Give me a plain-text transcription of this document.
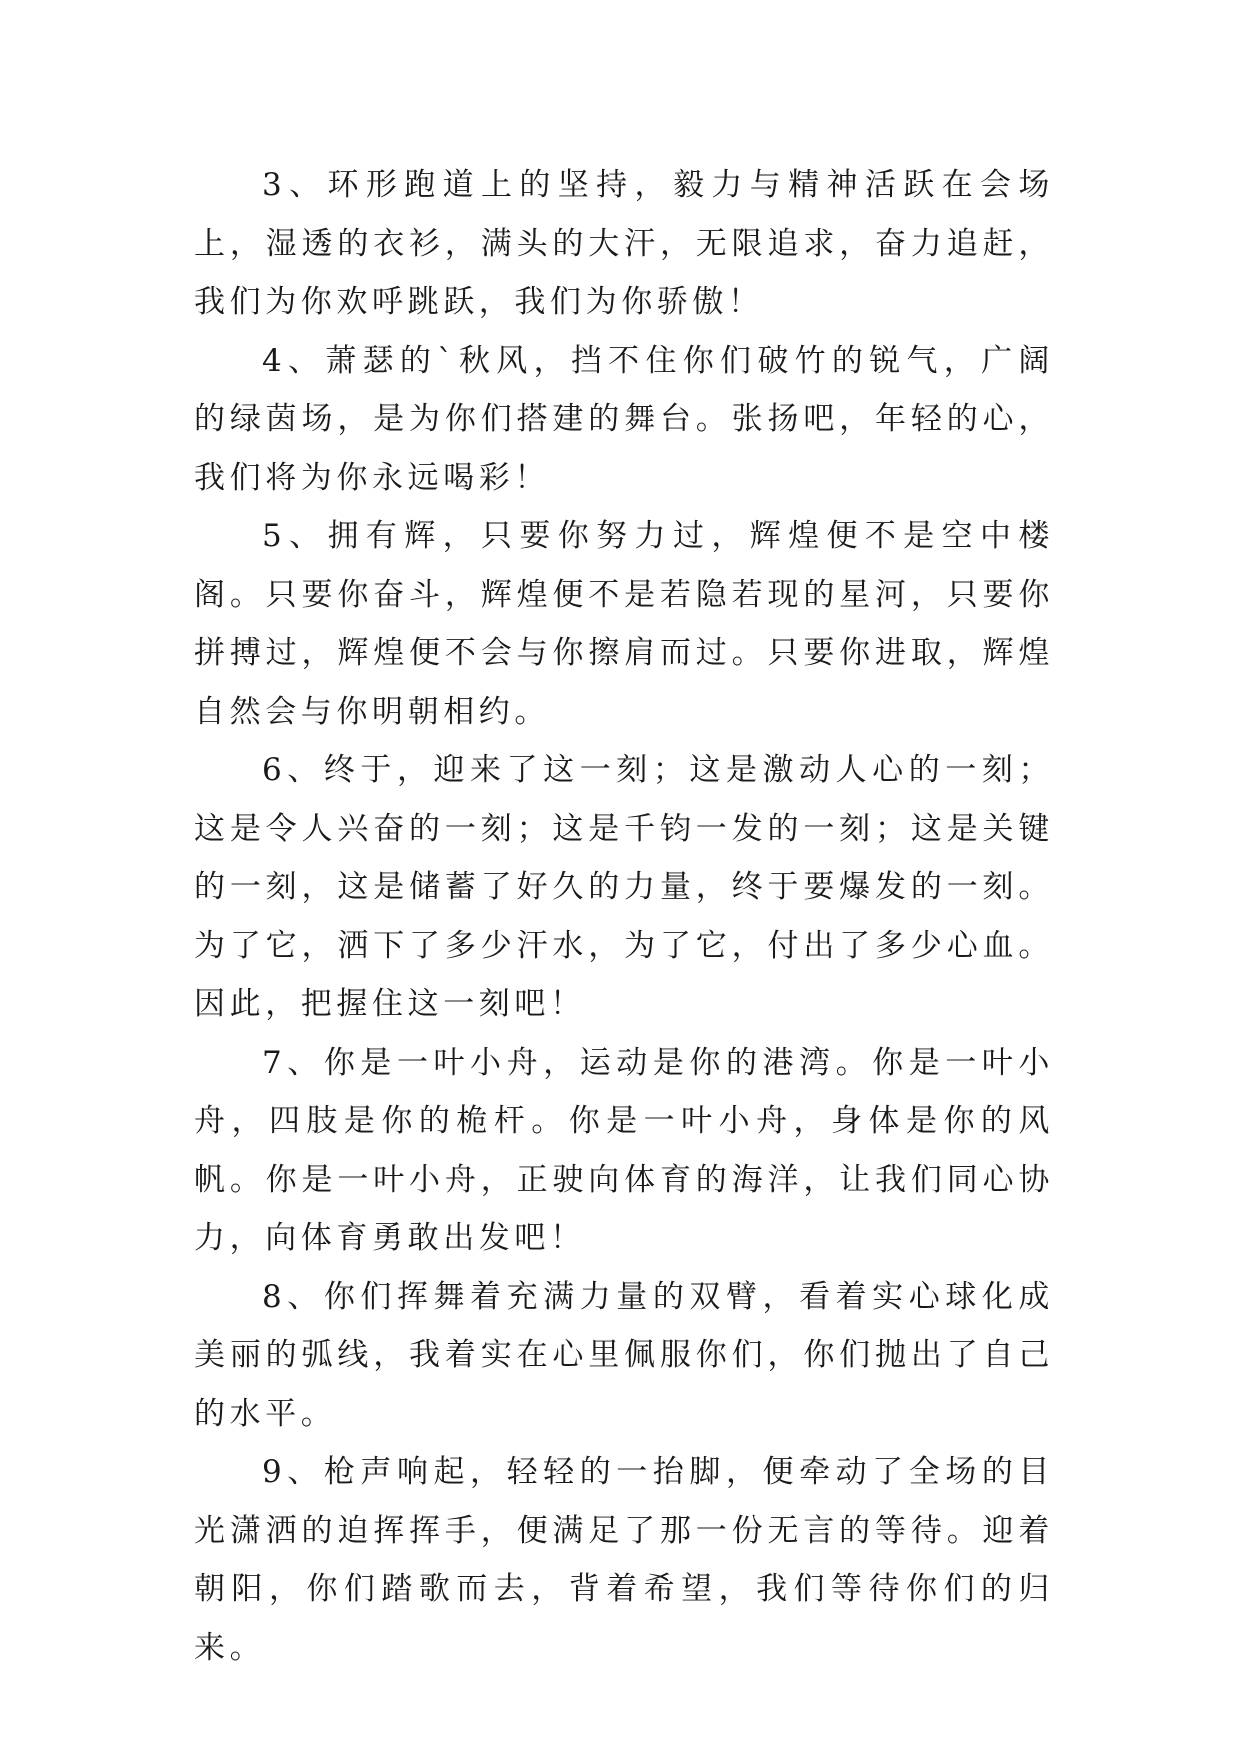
3、环形跑道上的坚持，毅力与精神活跃在会场上，湿透的衣衫，满头的大汗，无限追求，奋力追赶，我们为你欢呼跳跃，我们为你骄傲！

4、萧瑟的`秋风，挡不住你们破竹的锐气，广阔的绿茵场，是为你们搭建的舞台。张扬吧，年轻的心，我们将为你永远喝彩！

5、拥有辉，只要你努力过，辉煌便不是空中楼阁。只要你奋斗，辉煌便不是若隐若现的星河，只要你拼搏过，辉煌便不会与你擦肩而过。只要你进取，辉煌自然会与你明朝相约。

6、终于，迎来了这一刻；这是激动人心的一刻；这是令人兴奋的一刻；这是千钧一发的一刻；这是关键的一刻，这是储蓄了好久的力量，终于要爆发的一刻。为了它，洒下了多少汗水，为了它，付出了多少心血。因此，把握住这一刻吧！

7、你是一叶小舟，运动是你的港湾。你是一叶小舟，四肢是你的桅杆。你是一叶小舟，身体是你的风帆。你是一叶小舟，正驶向体育的海洋，让我们同心协力，向体育勇敢出发吧！

8、你们挥舞着充满力量的双臂，看着实心球化成美丽的弧线，我着实在心里佩服你们，你们抛出了自己的水平。

9、枪声响起，轻轻的一抬脚，便牵动了全场的目光潇洒的迫挥挥手，便满足了那一份无言的等待。迎着朝阳，你们踏歌而去，背着希望，我们等待你们的归来。
